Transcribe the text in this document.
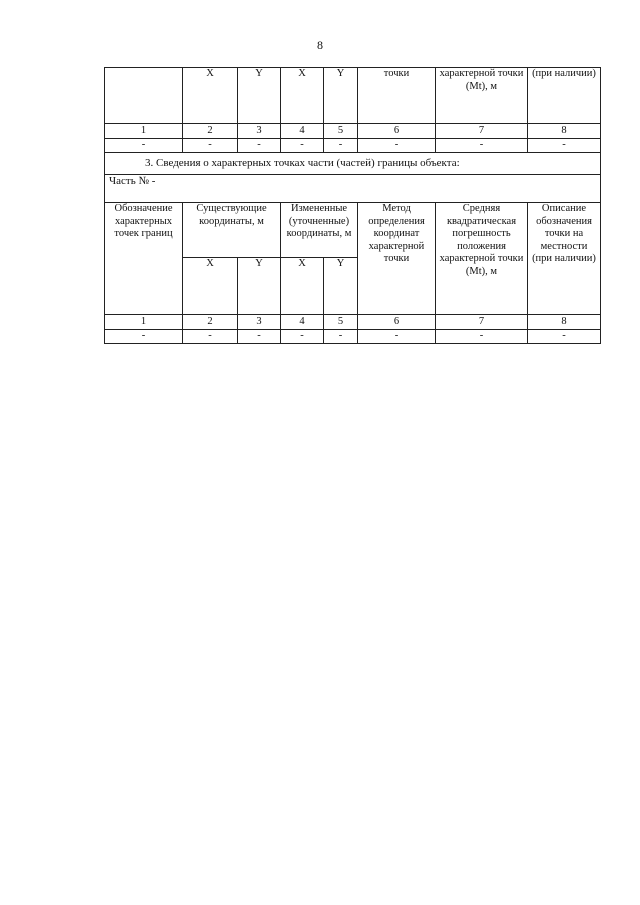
8
	X	Y	X	Y	точки	характерной точки (Mt), м	(при наличии)
1	2	3	4	5	6	7	8
-	-	-	-	-	-	-	-
3. Сведения о характерных точках части (частей) границы объекта:							
Часть № -							
Обозначение характерных точек границ	Существующие координаты, м		Измененные (уточненные) координаты, м		Метод определения координат характерной точки	Средняя квадратическая погрешность положения характерной точки (Mt), м	Описание обозначения точки на местности (при наличии)
	X	Y	X	Y			
1	2	3	4	5	6	7	8
-	-	-	-	-	-	-	-
